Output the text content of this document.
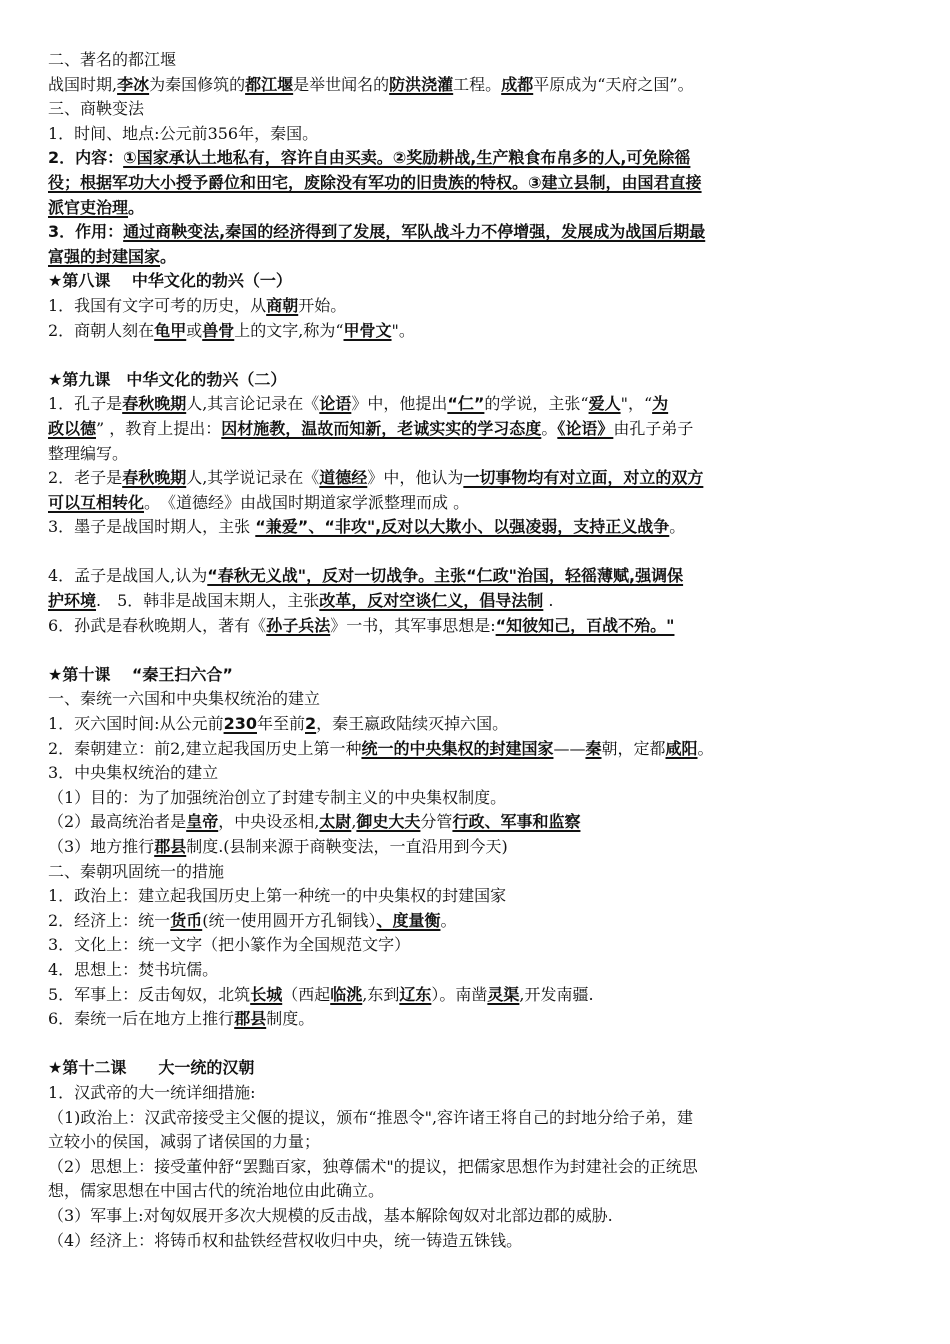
二、著名的都江堰
战国时期,李冰为秦国修筑的都江堰是举世闻名的防洪浇灌工程。成都平原成为“天府之国”。
三、商鞅变法
1．时间、地点:公元前356年，秦国。
2．内容：①国家承认土地私有，容许自由买卖。②奖励耕战,生产粮食布帛多的人,可免除徭
役；根据军功大小授予爵位和田宅，废除没有军功的旧贵族的特权。③建立县制，由国君直接
派官吏治理。
3．作用：通过商鞅变法,秦国的经济得到了发展，军队战斗力不停增强，发展成为战国后期最
富强的封建国家。
★第八课　 中华文化的勃兴（一）
1．我国有文字可考的历史，从商朝开始。
2．商朝人刻在龟甲或兽骨上的文字,称为“甲骨文"。
★第九课　中华文化的勃兴（二）
1．孔子是春秋晚期人,其言论记录在《论语》中，他提出“仁”的学说，主张“爱人"，“为
政以德” ，教育上提出：因材施教，温故而知新，老诚实实的学习态度。《论语》由孔子弟子
整理编写。
2．老子是春秋晚期人,其学说记录在《道德经》中，他认为一切事物均有对立面，对立的双方
可以互相转化。　《道德经》由战国时期道家学派整理而成 。
3．墨子是战国时期人，主张 “兼爱”、“非攻",反对以大欺小、以强凌弱，支持正义战争。
4．孟子是战国人,认为“春秋无义战"，反对一切战争。主张“仁政"治国，轻徭薄赋,强调保
护环境.　5．韩非是战国末期人，主张改革，反对空谈仁义，倡导法制 .
6．孙武是春秋晚期人，著有《孙子兵法》一书，其军事思想是:“知彼知己，百战不殆。"
★第十课　 “秦王扫六合”
一、秦统一六国和中央集权统治的建立
1．灭六国时间:从公元前230年至前2，秦王嬴政陆续灭掉六国。
2．秦朝建立：前2,建立起我国历史上第一种统一的中央集权的封建国家——秦朝，定都咸阳。
3．中央集权统治的建立
（1）目的：为了加强统治创立了封建专制主义的中央集权制度。
（2）最高统治者是皇帝，中央设丞相,太尉,御史大夫分管行政、军事和监察
（3）地方推行郡县制度.(县制来源于商鞅变法，一直沿用到今天)
二、秦朝巩固统一的措施
1．政治上：建立起我国历史上第一种统一的中央集权的封建国家
2．经济上：统一货币(统一使用圆开方孔铜钱）、度量衡。
3．文化上：统一文字（把小篆作为全国规范文字）
4．思想上：焚书坑儒。
5．军事上：反击匈奴，北筑长城（西起临洮,东到辽东）。南凿灵渠,开发南疆.
6．秦统一后在地方上推行郡县制度。
★第十二课　　大一统的汉朝
1．汉武帝的大一统详细措施:
（1)政治上：汉武帝接受主父偃的提议，颁布“推恩令",容许诸王将自己的封地分给子弟，建
立较小的侯国，减弱了诸侯国的力量；
（2）思想上：接受董仲舒“罢黜百家，独尊儒术"的提议，把儒家思想作为封建社会的正统思
想，儒家思想在中国古代的统治地位由此确立。
（3）军事上:对匈奴展开多次大规模的反击战，基本解除匈奴对北部边郡的威胁.
（4）经济上：将铸币权和盐铁经营权收归中央，统一铸造五铢钱。
